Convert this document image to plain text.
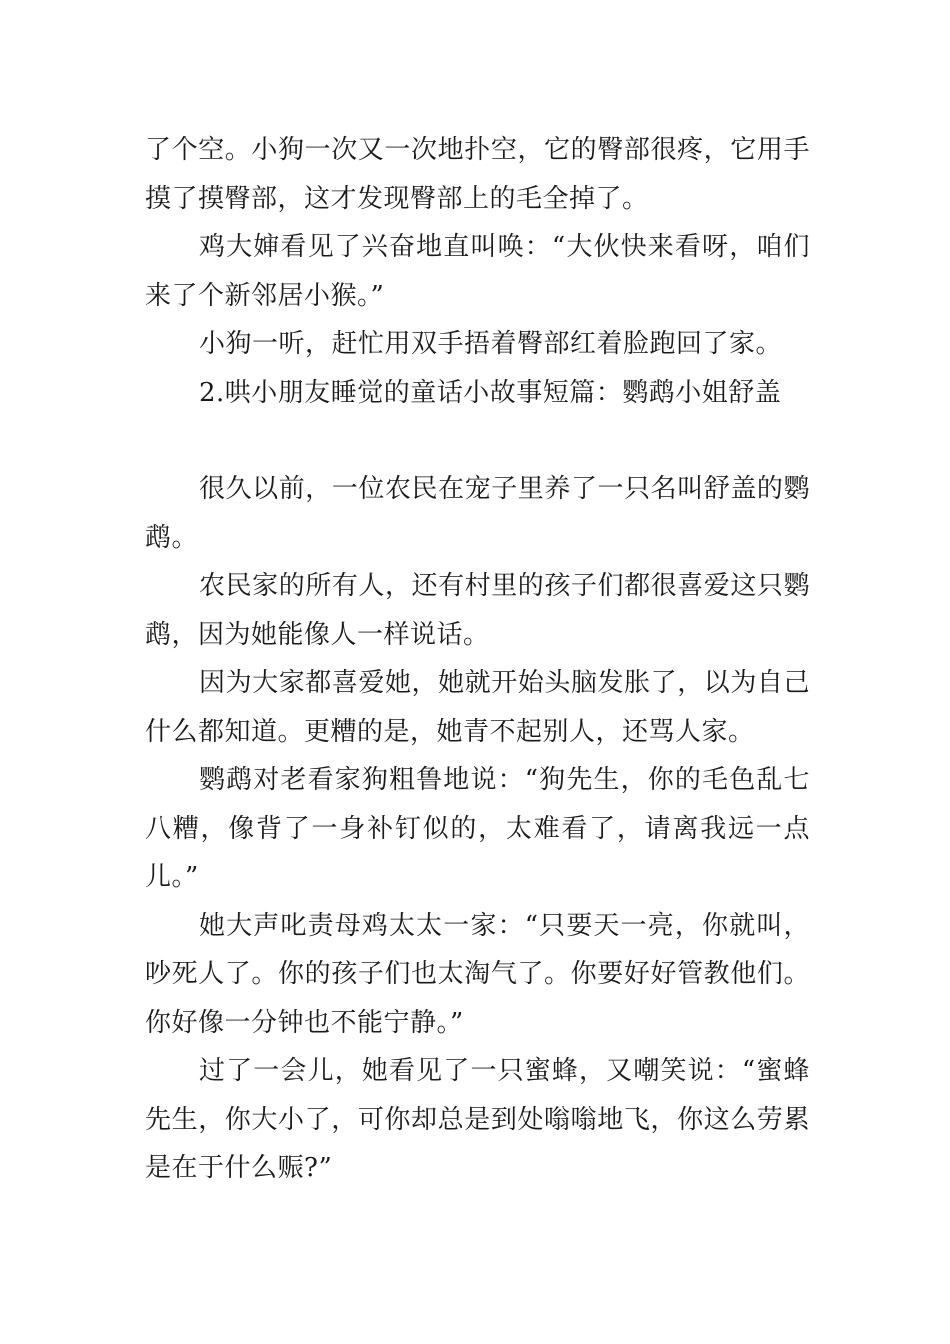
了个空。小狗一次又一次地扑空，它的臀部很疼，它用手摸了摸臀部，这才发现臀部上的毛全掉了。

鸡大婶看见了兴奋地直叫唤：“大伙快来看呀，咱们来了个新邻居小猴。”

小狗一听，赶忙用双手捂着臀部红着脸跑回了家。

2.哄小朋友睡觉的童话小故事短篇：鹦鹉小姐舒盖

很久以前，一位农民在宠子里养了一只名叫舒盖的鹦鹉。

农民家的所有人，还有村里的孩子们都很喜爱这只鹦鹉，因为她能像人一样说话。

因为大家都喜爱她，她就开始头脑发胀了，以为自己什么都知道。更糟的是，她青不起别人，还骂人家。

鹦鹉对老看家狗粗鲁地说：“狗先生，你的毛色乱七八糟，像背了一身补钉似的，太难看了，请离我远一点儿。”

她大声叱责母鸡太太一家：“只要天一亮，你就叫，吵死人了。你的孩子们也太淘气了。你要好好管教他们。你好像一分钟也不能宁静。”

过了一会儿，她看见了一只蜜蜂，又嘲笑说：“蜜蜂先生，你大小了，可你却总是到处嗡嗡地飞，你这么劳累是在于什么赈?”
